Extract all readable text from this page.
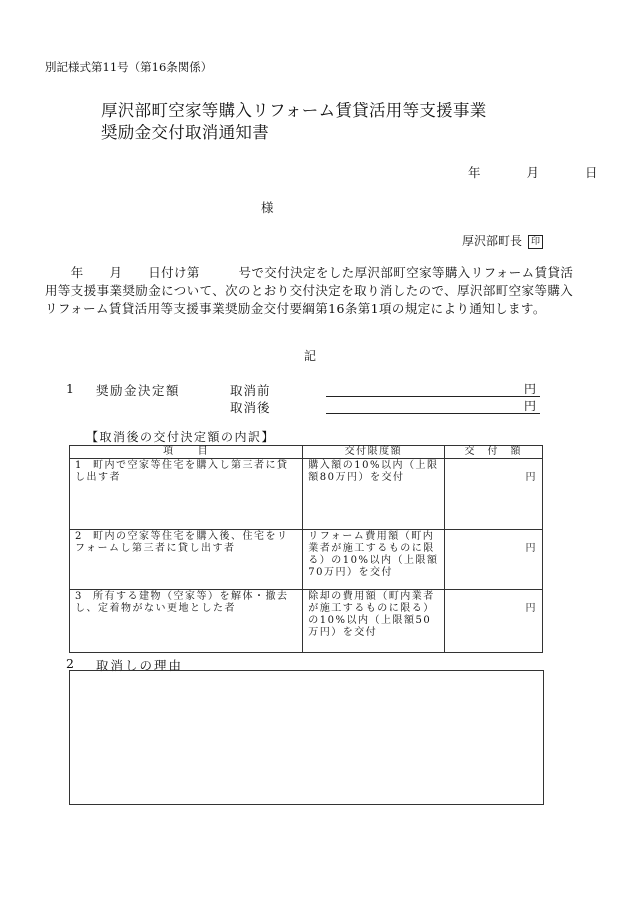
別記様式第11号（第16条関係）
厚沢部町空家等購入リフォーム賃貸活用等支援事業
奨励金交付取消通知書
年	月	日
様
厚沢部町長 印
　　年　　月　　日付け第　　　号で交付決定をした厚沢部町空家等購入リフォーム賃貸活用等支援事業奨励金について、次のとおり交付決定を取り消したので、厚沢部町空家等購入リフォーム賃貸活用等支援事業奨励金交付要綱第16条第1項の規定により通知します。
記
1 奨励金決定額	取消前	円
取消後	円
【取消後の交付決定額の内訳】
項　　目	交付限度額	交　付　額
1 町内で空家等住宅を購入し第三者に貸し出す者	購入額の10%以内（上限額80万円）を交付	円

2 町内の空家等住宅を購入後、住宅をリフォームし第三者に貸し出す者	リフォーム費用額（町内業者が施工するものに限る）の10%以内（上限額70万円）を交付	円

3 所有する建物（空家等）を解体・撤去し、定着物がない更地とした者	除却の費用額（町内業者が施工するものに限る）の10%以内（上限額50万円）を交付	円
2 取消しの理由
